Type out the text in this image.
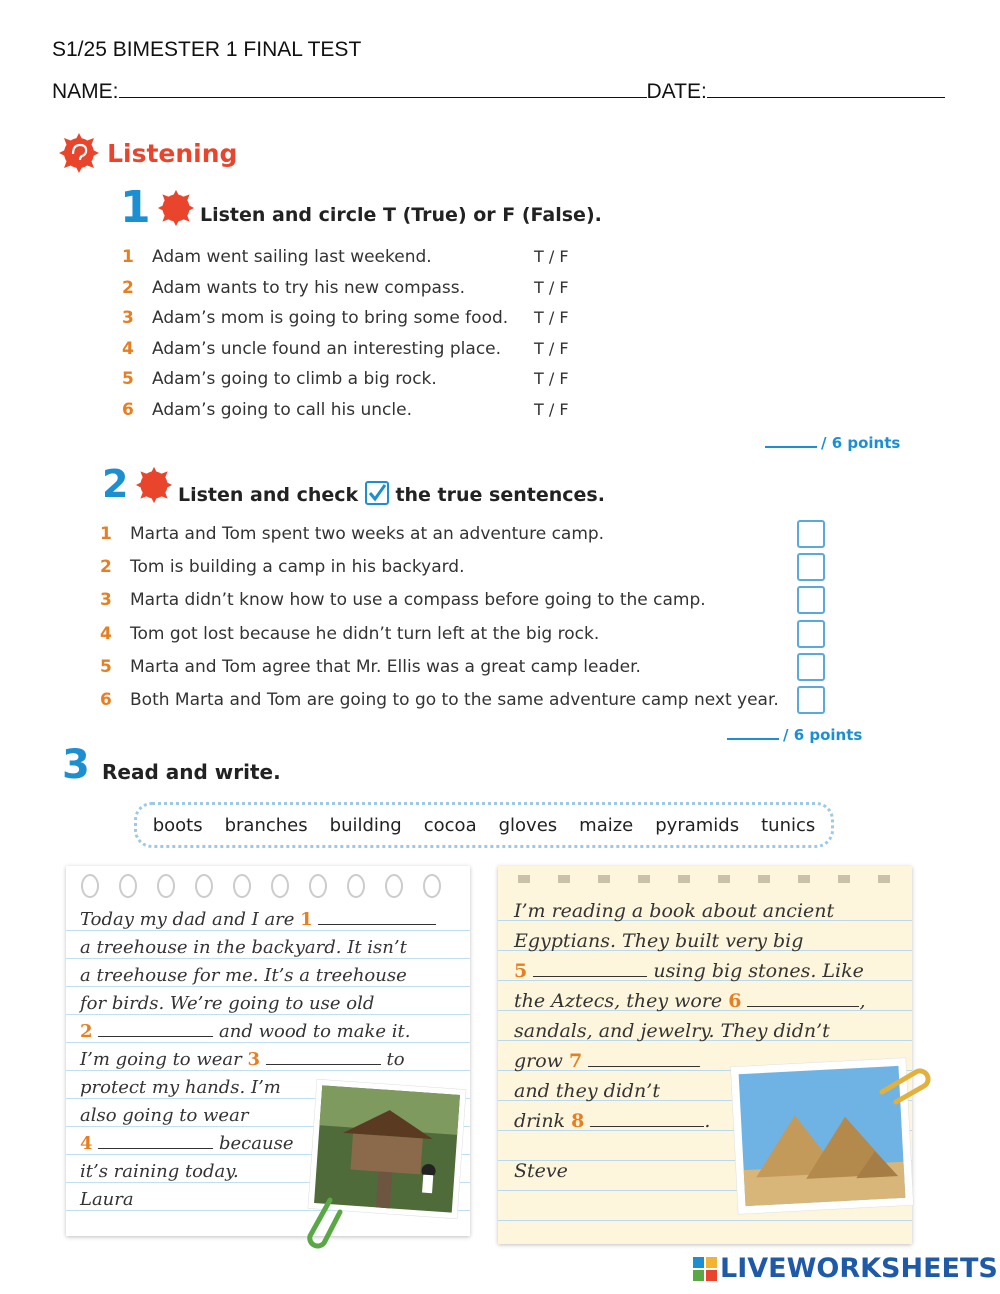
S1/25 BIMESTER 1 FINAL TEST
NAME:	DATE:
Listening
1	Listen and circle T (True) or F (False).
1 Adam went sailing last weekend.	T / F
2 Adam wants to try his new compass.	T / F
3 Adam’s mom is going to bring some food. T / F
4 Adam’s uncle found an interesting place. T / F
5 Adam’s going to climb a big rock.	T / F
6 Adam’s going to call his uncle.	T / F
/ 6 points
2	Listen and check the true sentences.
1 Marta and Tom spent two weeks at an adventure camp.
2 Tom is building a camp in his backyard.
3 Marta didn’t know how to use a compass before going to the camp.
4 Tom got lost because he didn’t turn left at the big rock.
5 Marta and Tom agree that Mr. Ellis was a great camp leader.
6 Both Marta and Tom are going to go to the same adventure camp next year.
/ 6 points
3 Read and write.
boots branches building cocoa gloves maize pyramids tunics
Today my dad and I are 1
a treehouse in the backyard. It isn’t
a treehouse for me. It’s a treehouse
for birds. We’re going to use old
2	and wood to make it.
I’m going to wear 3	to
protect my hands. I’m
also going to wear
4	because
it’s raining today.
Laura
I’m reading a book about ancient
Egyptians. They built very big
5	using big stones. Like
the Aztecs, they wore 6	,
sandals, and jewelry. They didn’t
grow 7
and they didn’t
drink 8	.
Steve
LIVEWORKSHEETS
